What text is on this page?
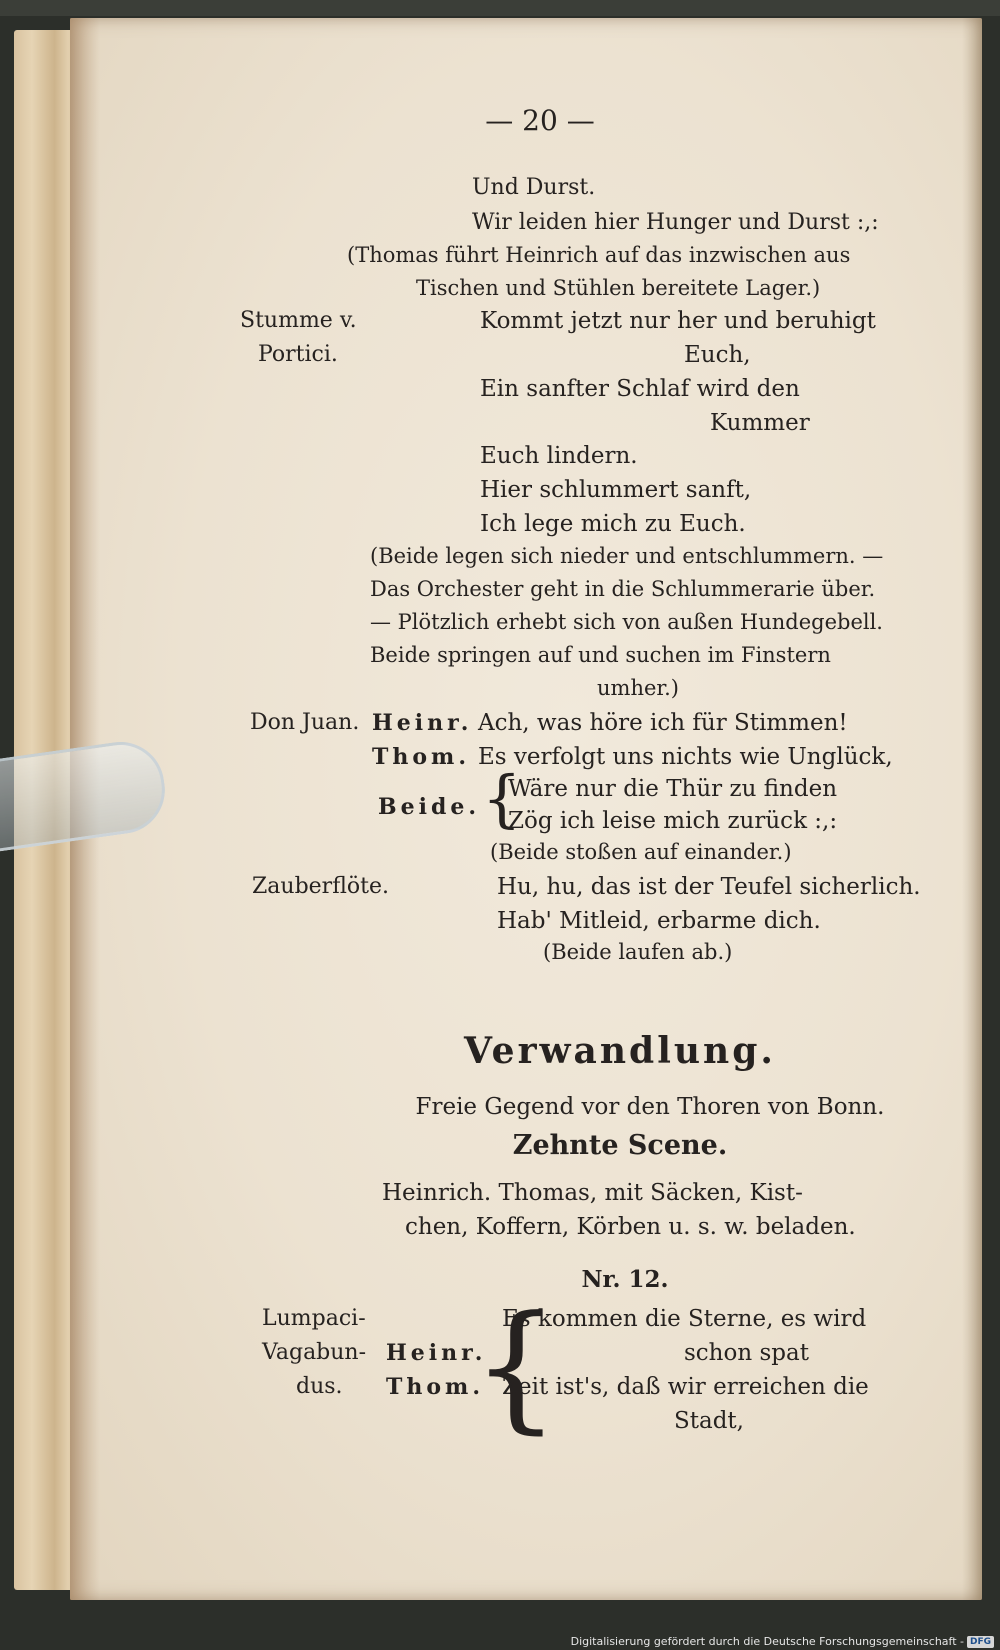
— 20 —
Und Durst.
Wir leiden hier Hunger und Durst :,:
(Thomas führt Heinrich auf das inzwischen aus
Tischen und Stühlen bereitete Lager.)
Stumme v.
Portici.
Kommt jetzt nur her und beruhigt
Euch,
Ein sanfter Schlaf wird den
Kummer
Euch lindern.
Hier schlummert sanft,
Ich lege mich zu Euch.
(Beide legen sich nieder und entschlummern. —
Das Orchester geht in die Schlummerarie über.
— Plötzlich erhebt sich von außen Hundegebell.
Beide springen auf und suchen im Finstern
umher.)
Don Juan. Heinr. Ach, was höre ich für Stimmen!
Thom. Es verfolgt uns nichts wie Unglück,
Beide. {
Wäre nur die Thür zu finden
Zög ich leise mich zurück :,:
(Beide stoßen auf einander.)
Zauberflöte.	Hu, hu, das ist der Teufel sicherlich.
Hab' Mitleid, erbarme dich.
(Beide laufen ab.)
Verwandlung.
Freie Gegend vor den Thoren von Bonn.
Zehnte Scene.
Heinrich. Thomas, mit Säcken, Kist-
chen, Koffern, Körben u. s. w. beladen.
Nr. 12.
Lumpaci-
Vagabun-
dus.
Heinr.
Thom.
{
Es kommen die Sterne, es wird
schon spat
Zeit ist's, daß wir erreichen die
Stadt,
Digitalisierung gefördert durch die Deutsche Forschungsgemeinschaft - DFG
